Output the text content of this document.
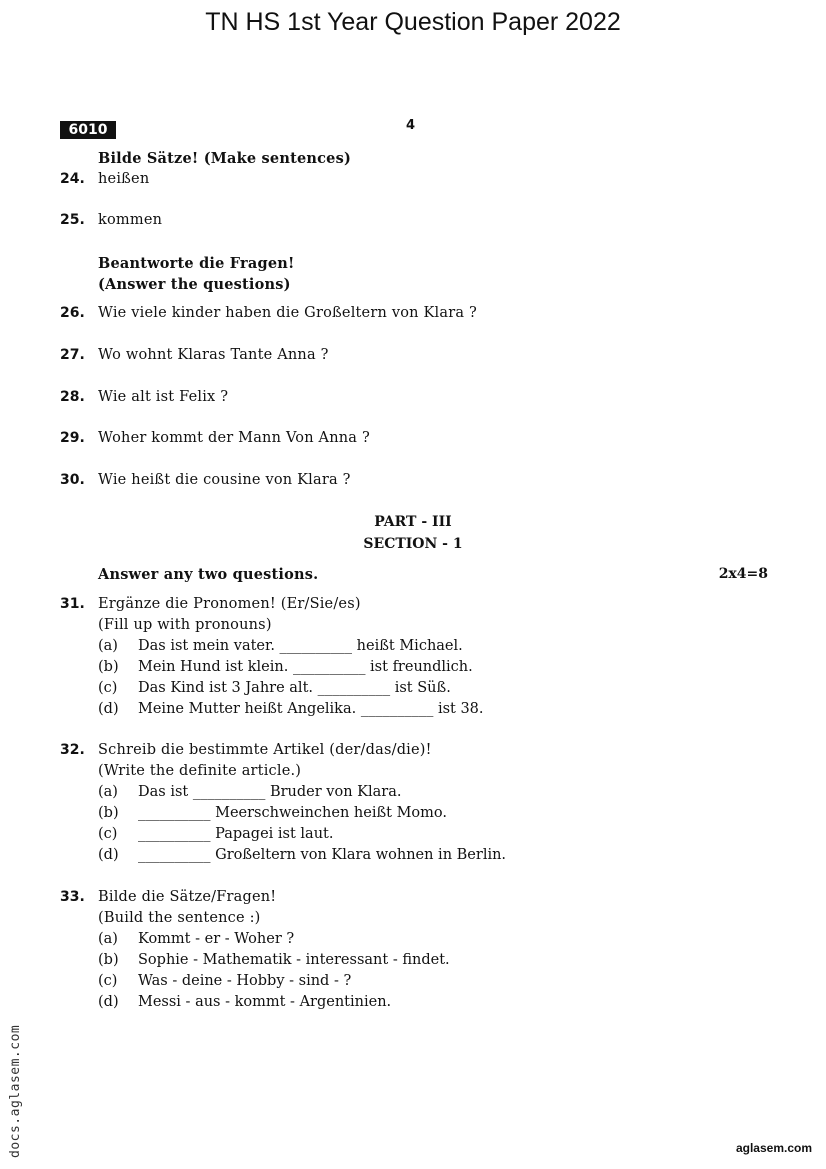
TN HS 1st Year Question Paper 2022
6010	4
Bilde Sätze! (Make sentences)
24. heißen
25. kommen
Beantworte die Fragen!
(Answer the questions)
26. Wie viele kinder haben die Großeltern von Klara ?
27. Wo wohnt Klaras Tante Anna ?
28. Wie alt ist Felix ?
29. Woher kommt der Mann Von Anna ?
30. Wie heißt die cousine von Klara ?
PART - III
SECTION - 1
Answer any two questions.	2x4=8
31. Ergänze die Pronomen! (Er/Sie/es)
(Fill up with pronouns)
(a) Das ist mein vater. __________ heißt Michael.
(b) Mein Hund ist klein. __________ ist freundlich.
(c) Das Kind ist 3 Jahre alt. __________ ist Süß.
(d) Meine Mutter heißt Angelika. __________ ist 38.
32. Schreib die bestimmte Artikel (der/das/die)!
(Write the definite article.)
(a) Das ist __________ Bruder von Klara.
(b) __________ Meerschweinchen heißt Momo.
(c) __________ Papagei ist laut.
(d) __________ Großeltern von Klara wohnen in Berlin.
33. Bilde die Sätze/Fragen!
(Build the sentence :)
(a) Kommt - er - Woher ?
(b) Sophie - Mathematik - interessant - findet.
(c) Was - deine - Hobby - sind - ?
(d) Messi - aus - kommt - Argentinien.
docs.aglasem.com	aglasem.com
